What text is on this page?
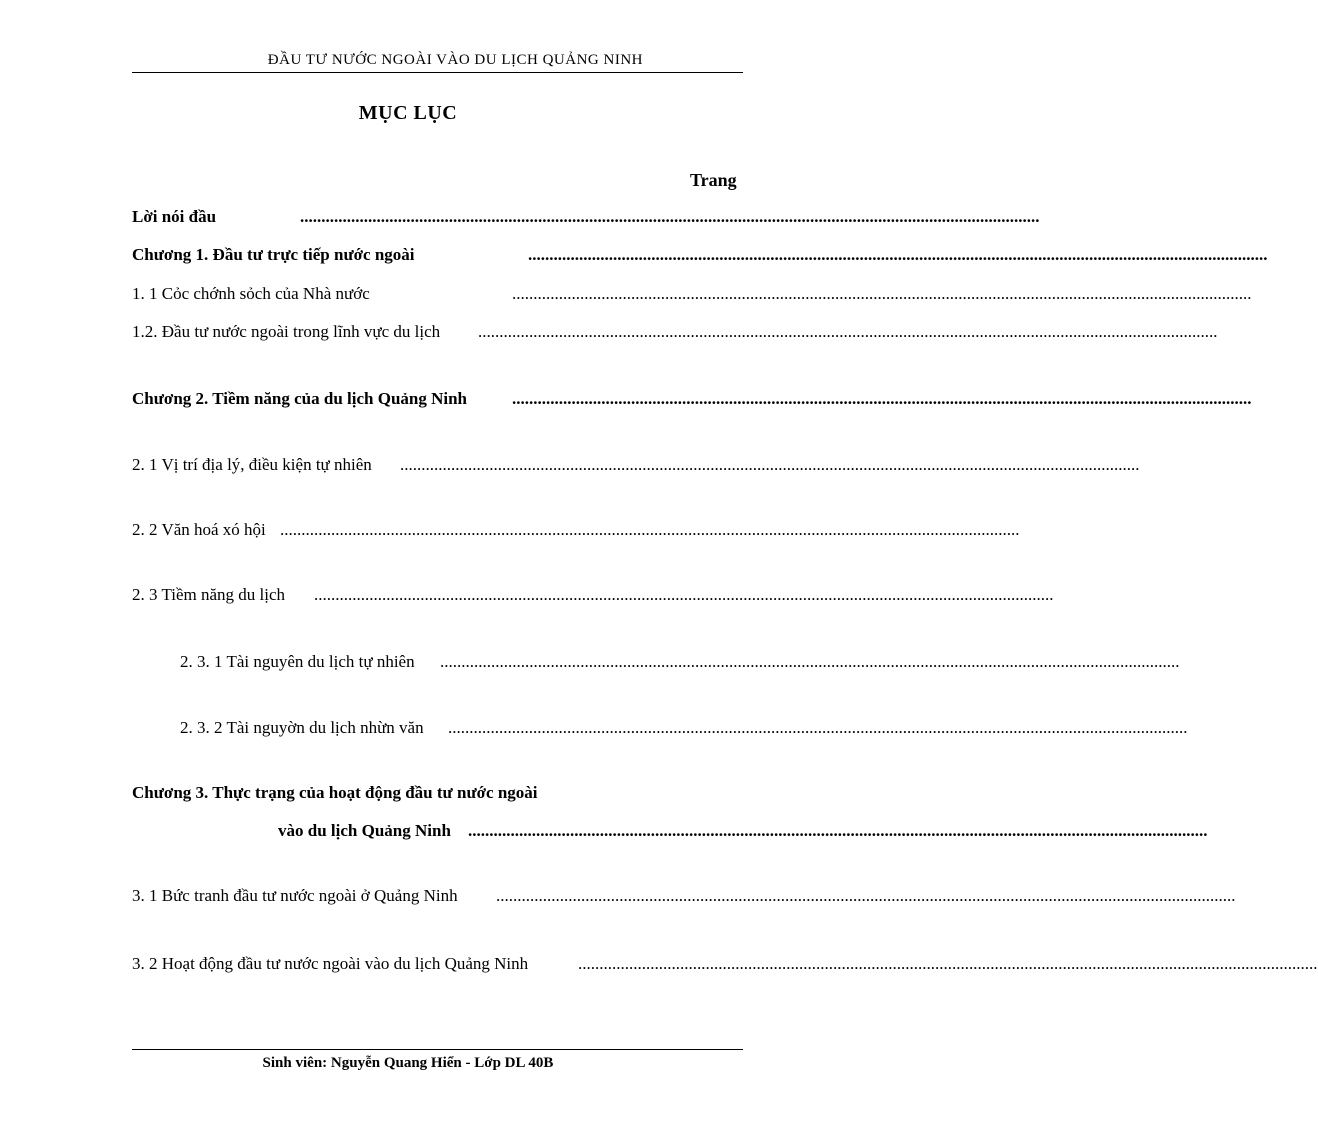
ĐẦU TƯ NƯỚC NGOÀI VÀO DU LỊCH QUẢNG NINH
MỤC LỤC
Trang
Lời nói đầu	..............................................................................................................................................................................
Chương 1. Đầu tư trực tiếp nước ngoài	..............................................................................................................................................................................
1. 1 Cỏc chớnh sỏch của Nhà nước	..............................................................................................................................................................................
1.2. Đầu tư nước ngoài trong lĩnh vực du lịch ..............................................................................................................................................................................
Chương 2. Tiềm năng của du lịch Quảng Ninh	..............................................................................................................................................................................
2. 1 Vị trí địa lý, điều kiện tự nhiên ..............................................................................................................................................................................
2. 2 Văn hoá xó hội ..............................................................................................................................................................................
2. 3 Tiềm năng du lịch ..............................................................................................................................................................................
2. 3. 1 Tài nguyên du lịch tự nhiên ..............................................................................................................................................................................
2. 3. 2 Tài nguyờn du lịch nhừn văn ..............................................................................................................................................................................
Chương 3. Thực trạng của hoạt động đầu tư nước ngoài
vào du lịch Quảng Ninh ..............................................................................................................................................................................
3. 1 Bức tranh đầu tư nước ngoài ở Quảng Ninh ..............................................................................................................................................................................
3. 2 Hoạt động đầu tư nước ngoài vào du lịch Quảng Ninh	..............................................................................................................................................................................
Sinh viên: Nguyễn Quang Hiển - Lớp DL 40B
